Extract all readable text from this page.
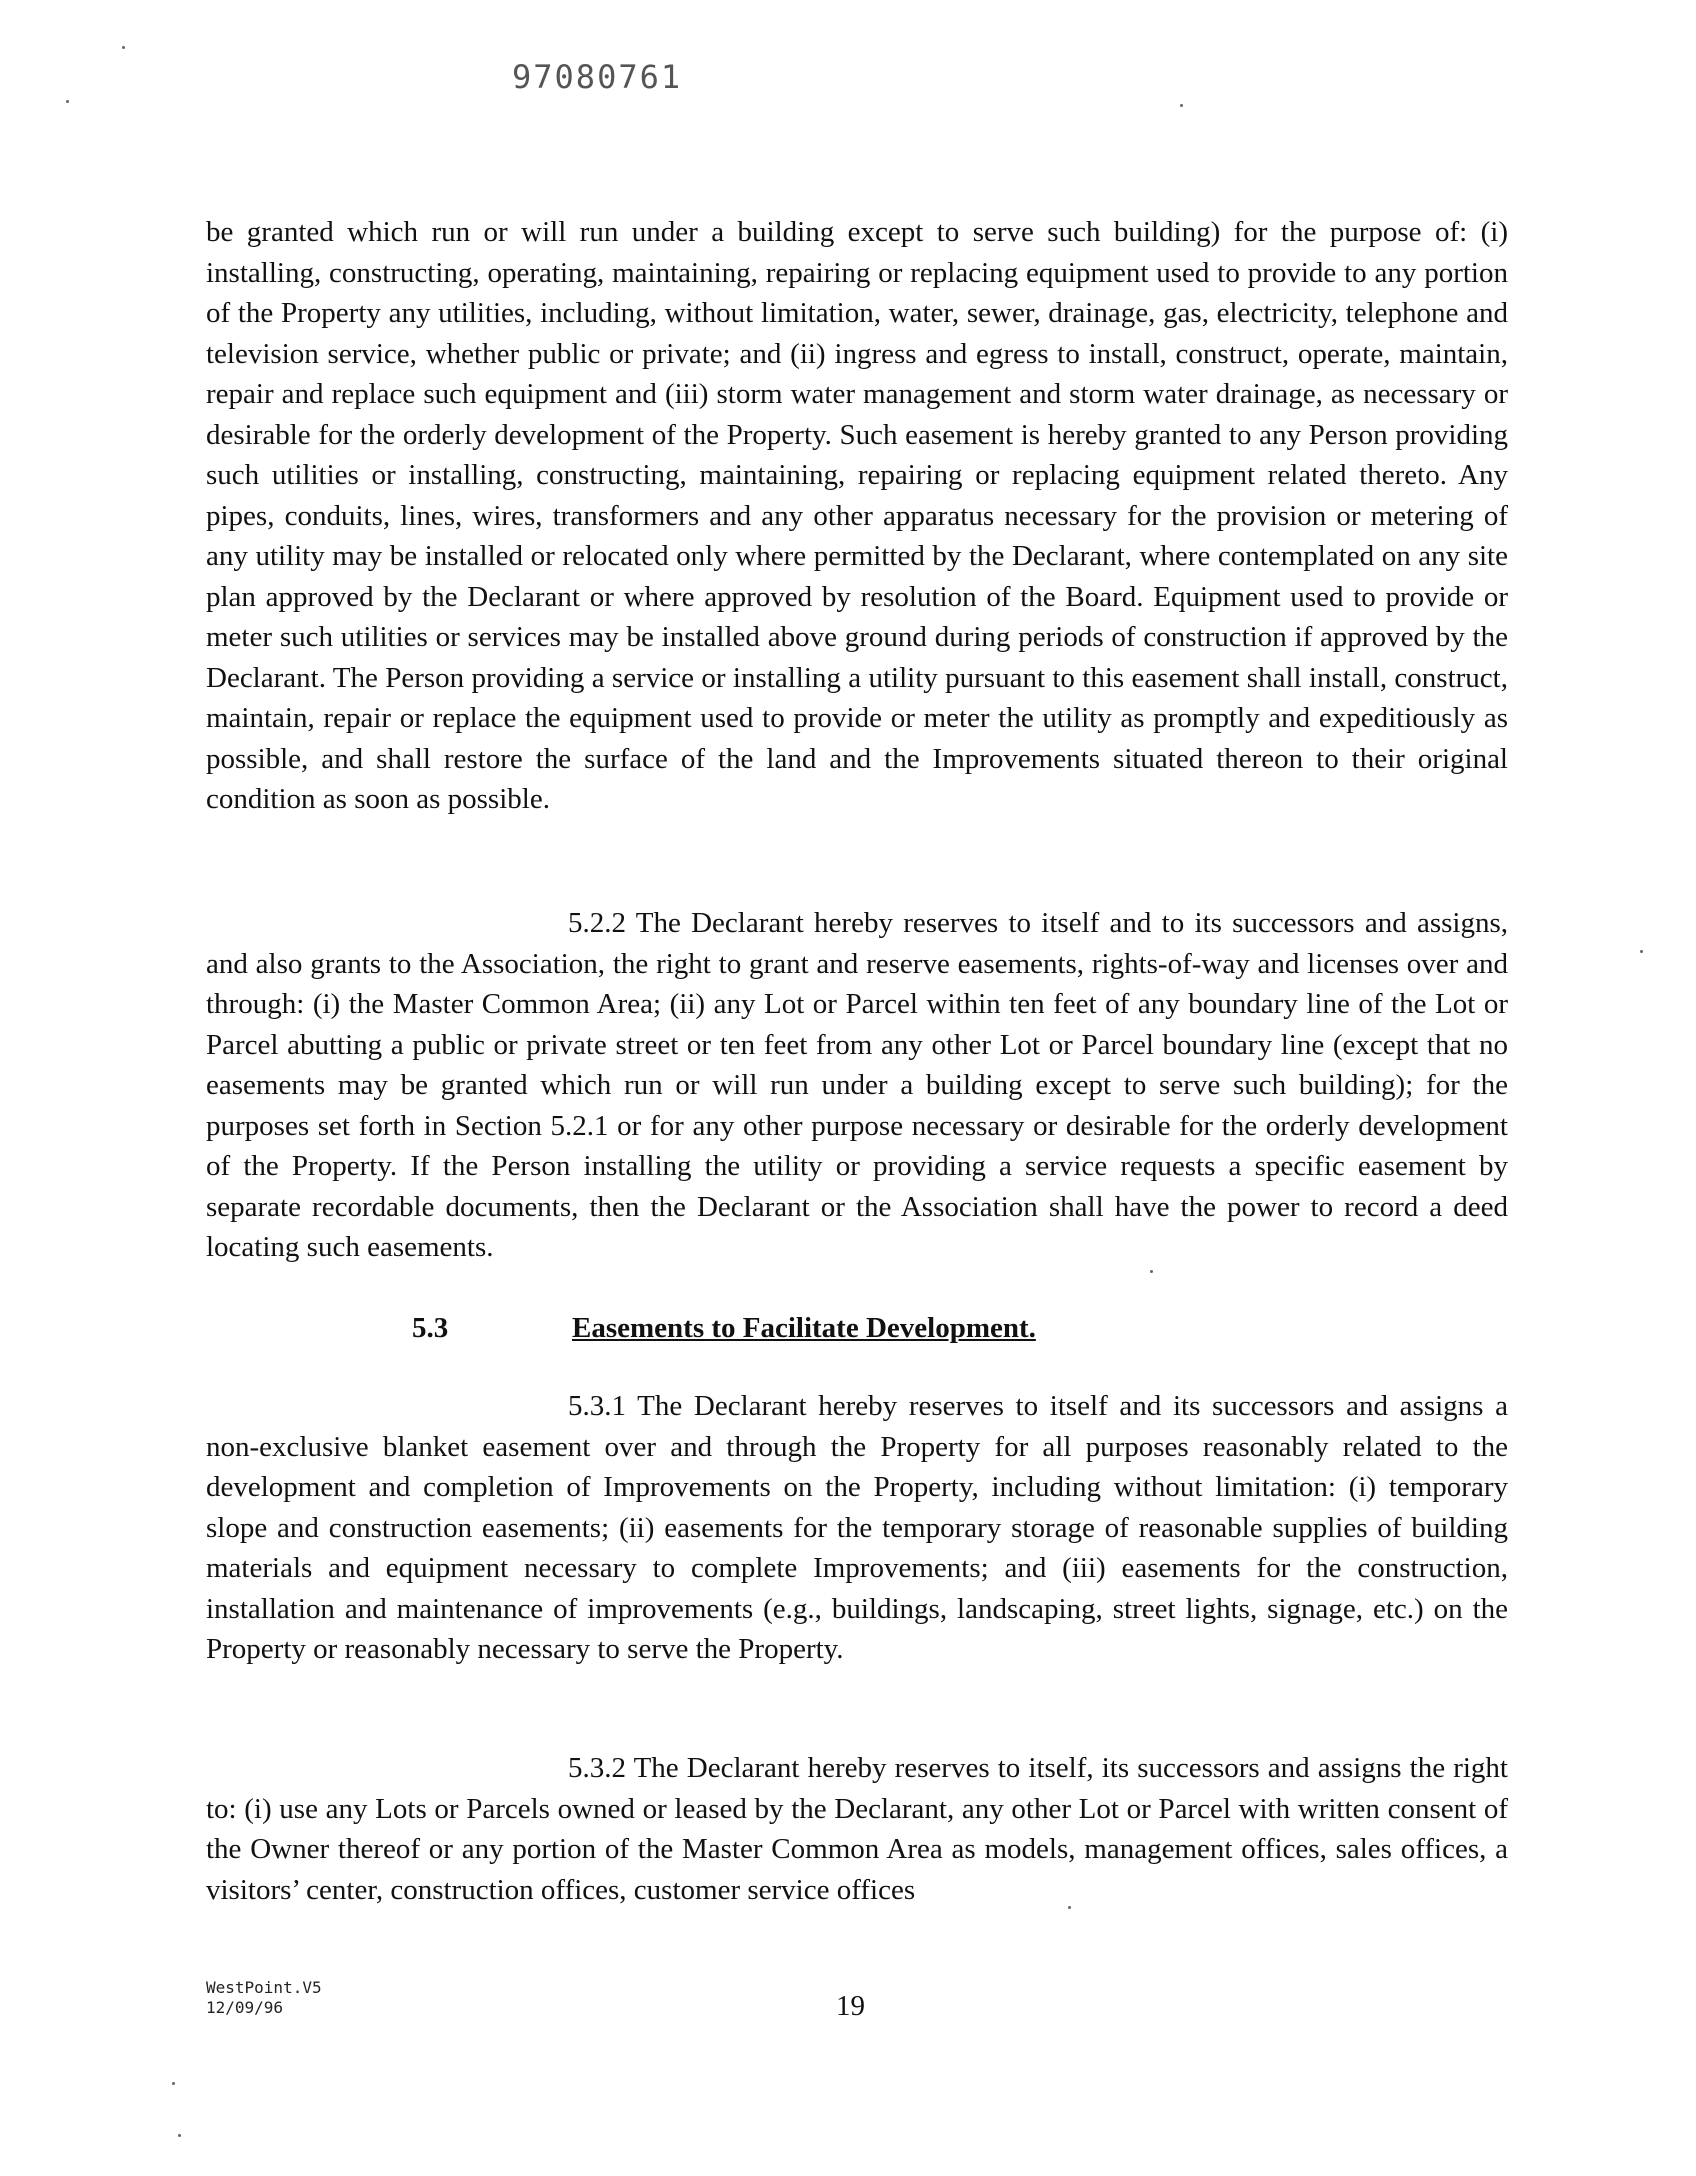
97080761

be granted which run or will run under a building except to serve such building) for the purpose of: (i) installing, constructing, operating, maintaining, repairing or replacing equipment used to provide to any portion of the Property any utilities, including, without limitation, water, sewer, drainage, gas, electricity, telephone and television service, whether public or private; and (ii) ingress and egress to install, construct, operate, maintain, repair and replace such equipment and (iii) storm water management and storm water drainage, as necessary or desirable for the orderly development of the Property. Such easement is hereby granted to any Person providing such utilities or installing, constructing, maintaining, repairing or replacing equipment related thereto. Any pipes, conduits, lines, wires, transformers and any other apparatus necessary for the provision or metering of any utility may be installed or relocated only where permitted by the Declarant, where contemplated on any site plan approved by the Declarant or where approved by resolution of the Board. Equipment used to provide or meter such utilities or services may be installed above ground during periods of construction if approved by the Declarant. The Person providing a service or installing a utility pursuant to this easement shall install, construct, maintain, repair or replace the equipment used to provide or meter the utility as promptly and expeditiously as possible, and shall restore the surface of the land and the Improvements situated thereon to their original condition as soon as possible.

5.2.2 The Declarant hereby reserves to itself and to its successors and assigns, and also grants to the Association, the right to grant and reserve easements, rights-of-way and licenses over and through: (i) the Master Common Area; (ii) any Lot or Parcel within ten feet of any boundary line of the Lot or Parcel abutting a public or private street or ten feet from any other Lot or Parcel boundary line (except that no easements may be granted which run or will run under a building except to serve such building); for the purposes set forth in Section 5.2.1 or for any other purpose necessary or desirable for the orderly development of the Property. If the Person installing the utility or providing a service requests a specific easement by separate recordable documents, then the Declarant or the Association shall have the power to record a deed locating such easements.

5.3	Easements to Facilitate Development.

5.3.1 The Declarant hereby reserves to itself and its successors and assigns a non-exclusive blanket easement over and through the Property for all purposes reasonably related to the development and completion of Improvements on the Property, including without limitation: (i) temporary slope and construction easements; (ii) easements for the temporary storage of reasonable supplies of building materials and equipment necessary to complete Improvements; and (iii) easements for the construction, installation and maintenance of improvements (e.g., buildings, landscaping, street lights, signage, etc.) on the Property or reasonably necessary to serve the Property.

5.3.2 The Declarant hereby reserves to itself, its successors and assigns the right to: (i) use any Lots or Parcels owned or leased by the Declarant, any other Lot or Parcel with written consent of the Owner thereof or any portion of the Master Common Area as models, management offices, sales offices, a visitors’ center, construction offices, customer service offices

WestPoint.V5
12/09/96	19
